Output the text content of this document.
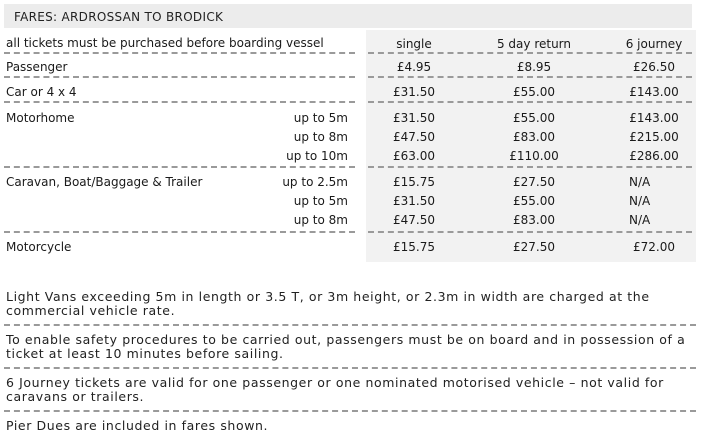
FARES: ARDROSSAN TO BRODICK
all tickets must be purchased before boarding vessel	single	5 day return	6 journey
Passenger	£4.95	£8.95	£26.50
Car or 4 x 4	£31.50	£55.00	£143.00
Motorhome	up to 5m	£31.50	£55.00	£143.00
up to 8m	£47.50	£83.00	£215.00
up to 10m	£63.00	£110.00	£286.00
Caravan, Boat/Baggage & Trailer	up to 2.5m	£15.75	£27.50	N/A
up to 5m	£31.50	£55.00	N/A
up to 8m	£47.50	£83.00	N/A
Motorcycle	£15.75	£27.50	£72.00
Light Vans exceeding 5m in length or 3.5 T, or 3m height, or 2.3m in width are charged at the commercial vehicle rate.
To enable safety procedures to be carried out, passengers must be on board and in possession of a ticket at least 10 minutes before sailing.
6 Journey tickets are valid for one passenger or one nominated motorised vehicle – not valid for caravans or trailers.
Pier Dues are included in fares shown.
